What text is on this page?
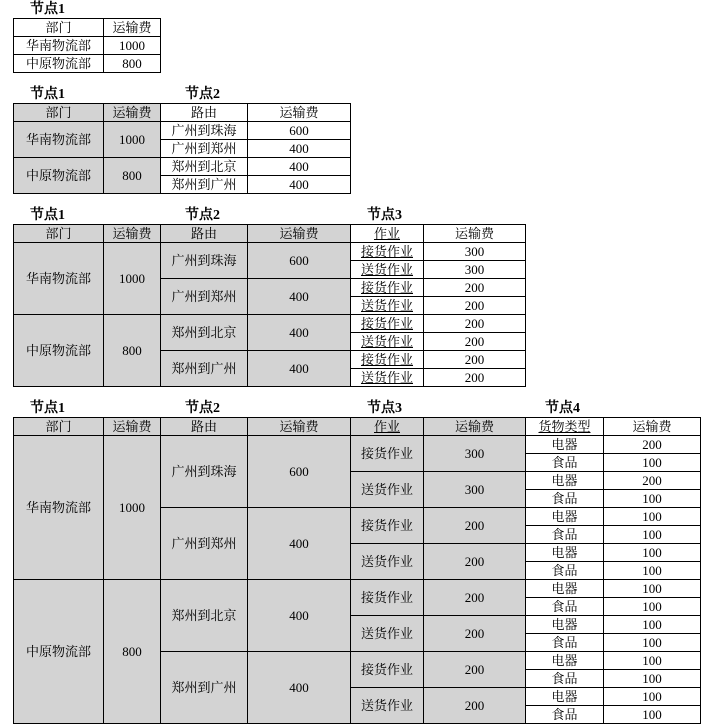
节点1
部门	运输费
华南物流部	1000
中原物流部	800
节点1	节点2
部门	运输费	路由	运输费
华南物流部	1000	广州到珠海	600
		广州到郑州	400
中原物流部	800	郑州到北京	400
		郑州到广州	400
节点1	节点2	节点3
部门	运输费	路由	运输费	作业	运输费
华南物流部	1000	广州到珠海	600	接货作业	300
				送货作业	300
		广州到郑州	400	接货作业	200
				送货作业	200
中原物流部	800	郑州到北京	400	接货作业	200
				送货作业	200
		郑州到广州	400	接货作业	200
				送货作业	200
节点1	节点2	节点3	节点4
部门	运输费	路由	运输费	作业	运输费	货物类型	运输费
华南物流部	1000	广州到珠海	600	接货作业	300	电器	200
						食品	100
				送货作业	300	电器	200
						食品	100
		广州到郑州	400	接货作业	200	电器	100
						食品	100
				送货作业	200	电器	100
						食品	100
中原物流部	800	郑州到北京	400	接货作业	200	电器	100
						食品	100
				送货作业	200	电器	100
						食品	100
		郑州到广州	400	接货作业	200	电器	100
						食品	100
				送货作业	200	电器	100
						食品	100
